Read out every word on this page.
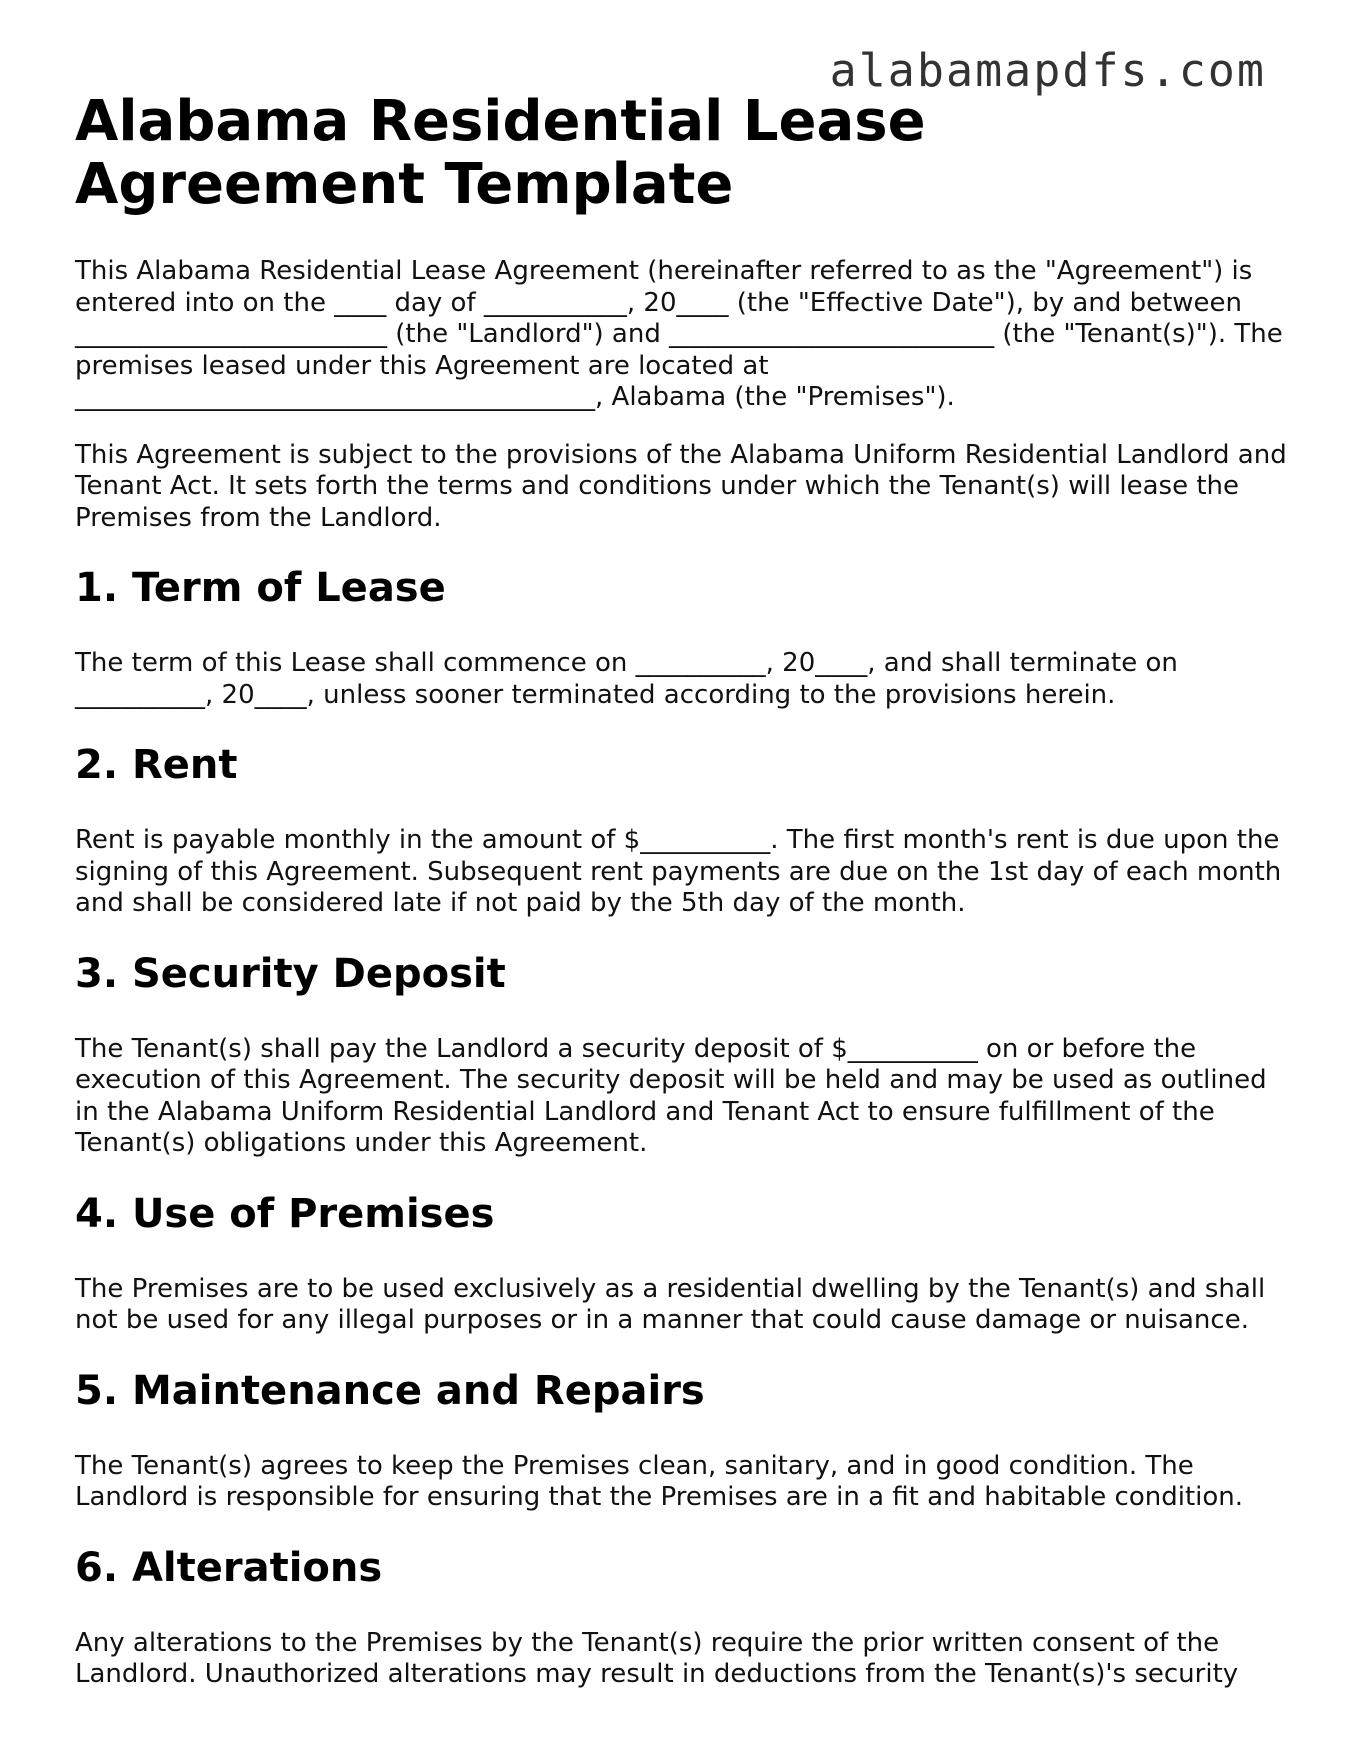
alabamapdfs.com
Alabama Residential Lease Agreement Template

This Alabama Residential Lease Agreement (hereinafter referred to as the "Agreement") is entered into on the ____ day of ___________, 20____ (the "Effective Date"), by and between ________________________ (the "Landlord") and _________________________ (the "Tenant(s)"). The premises leased under this Agreement are located at ________________________________________, Alabama (the "Premises").

This Agreement is subject to the provisions of the Alabama Uniform Residential Landlord and Tenant Act. It sets forth the terms and conditions under which the Tenant(s) will lease the Premises from the Landlord.

1. Term of Lease

The term of this Lease shall commence on __________, 20____, and shall terminate on __________, 20____, unless sooner terminated according to the provisions herein.

2. Rent

Rent is payable monthly in the amount of $__________. The first month's rent is due upon the signing of this Agreement. Subsequent rent payments are due on the 1st day of each month and shall be considered late if not paid by the 5th day of the month.

3. Security Deposit

The Tenant(s) shall pay the Landlord a security deposit of $__________ on or before the execution of this Agreement. The security deposit will be held and may be used as outlined in the Alabama Uniform Residential Landlord and Tenant Act to ensure fulfillment of the Tenant(s) obligations under this Agreement.

4. Use of Premises

The Premises are to be used exclusively as a residential dwelling by the Tenant(s) and shall not be used for any illegal purposes or in a manner that could cause damage or nuisance.

5. Maintenance and Repairs

The Tenant(s) agrees to keep the Premises clean, sanitary, and in good condition. The Landlord is responsible for ensuring that the Premises are in a fit and habitable condition.

6. Alterations

Any alterations to the Premises by the Tenant(s) require the prior written consent of the Landlord. Unauthorized alterations may result in deductions from the Tenant(s)'s security
